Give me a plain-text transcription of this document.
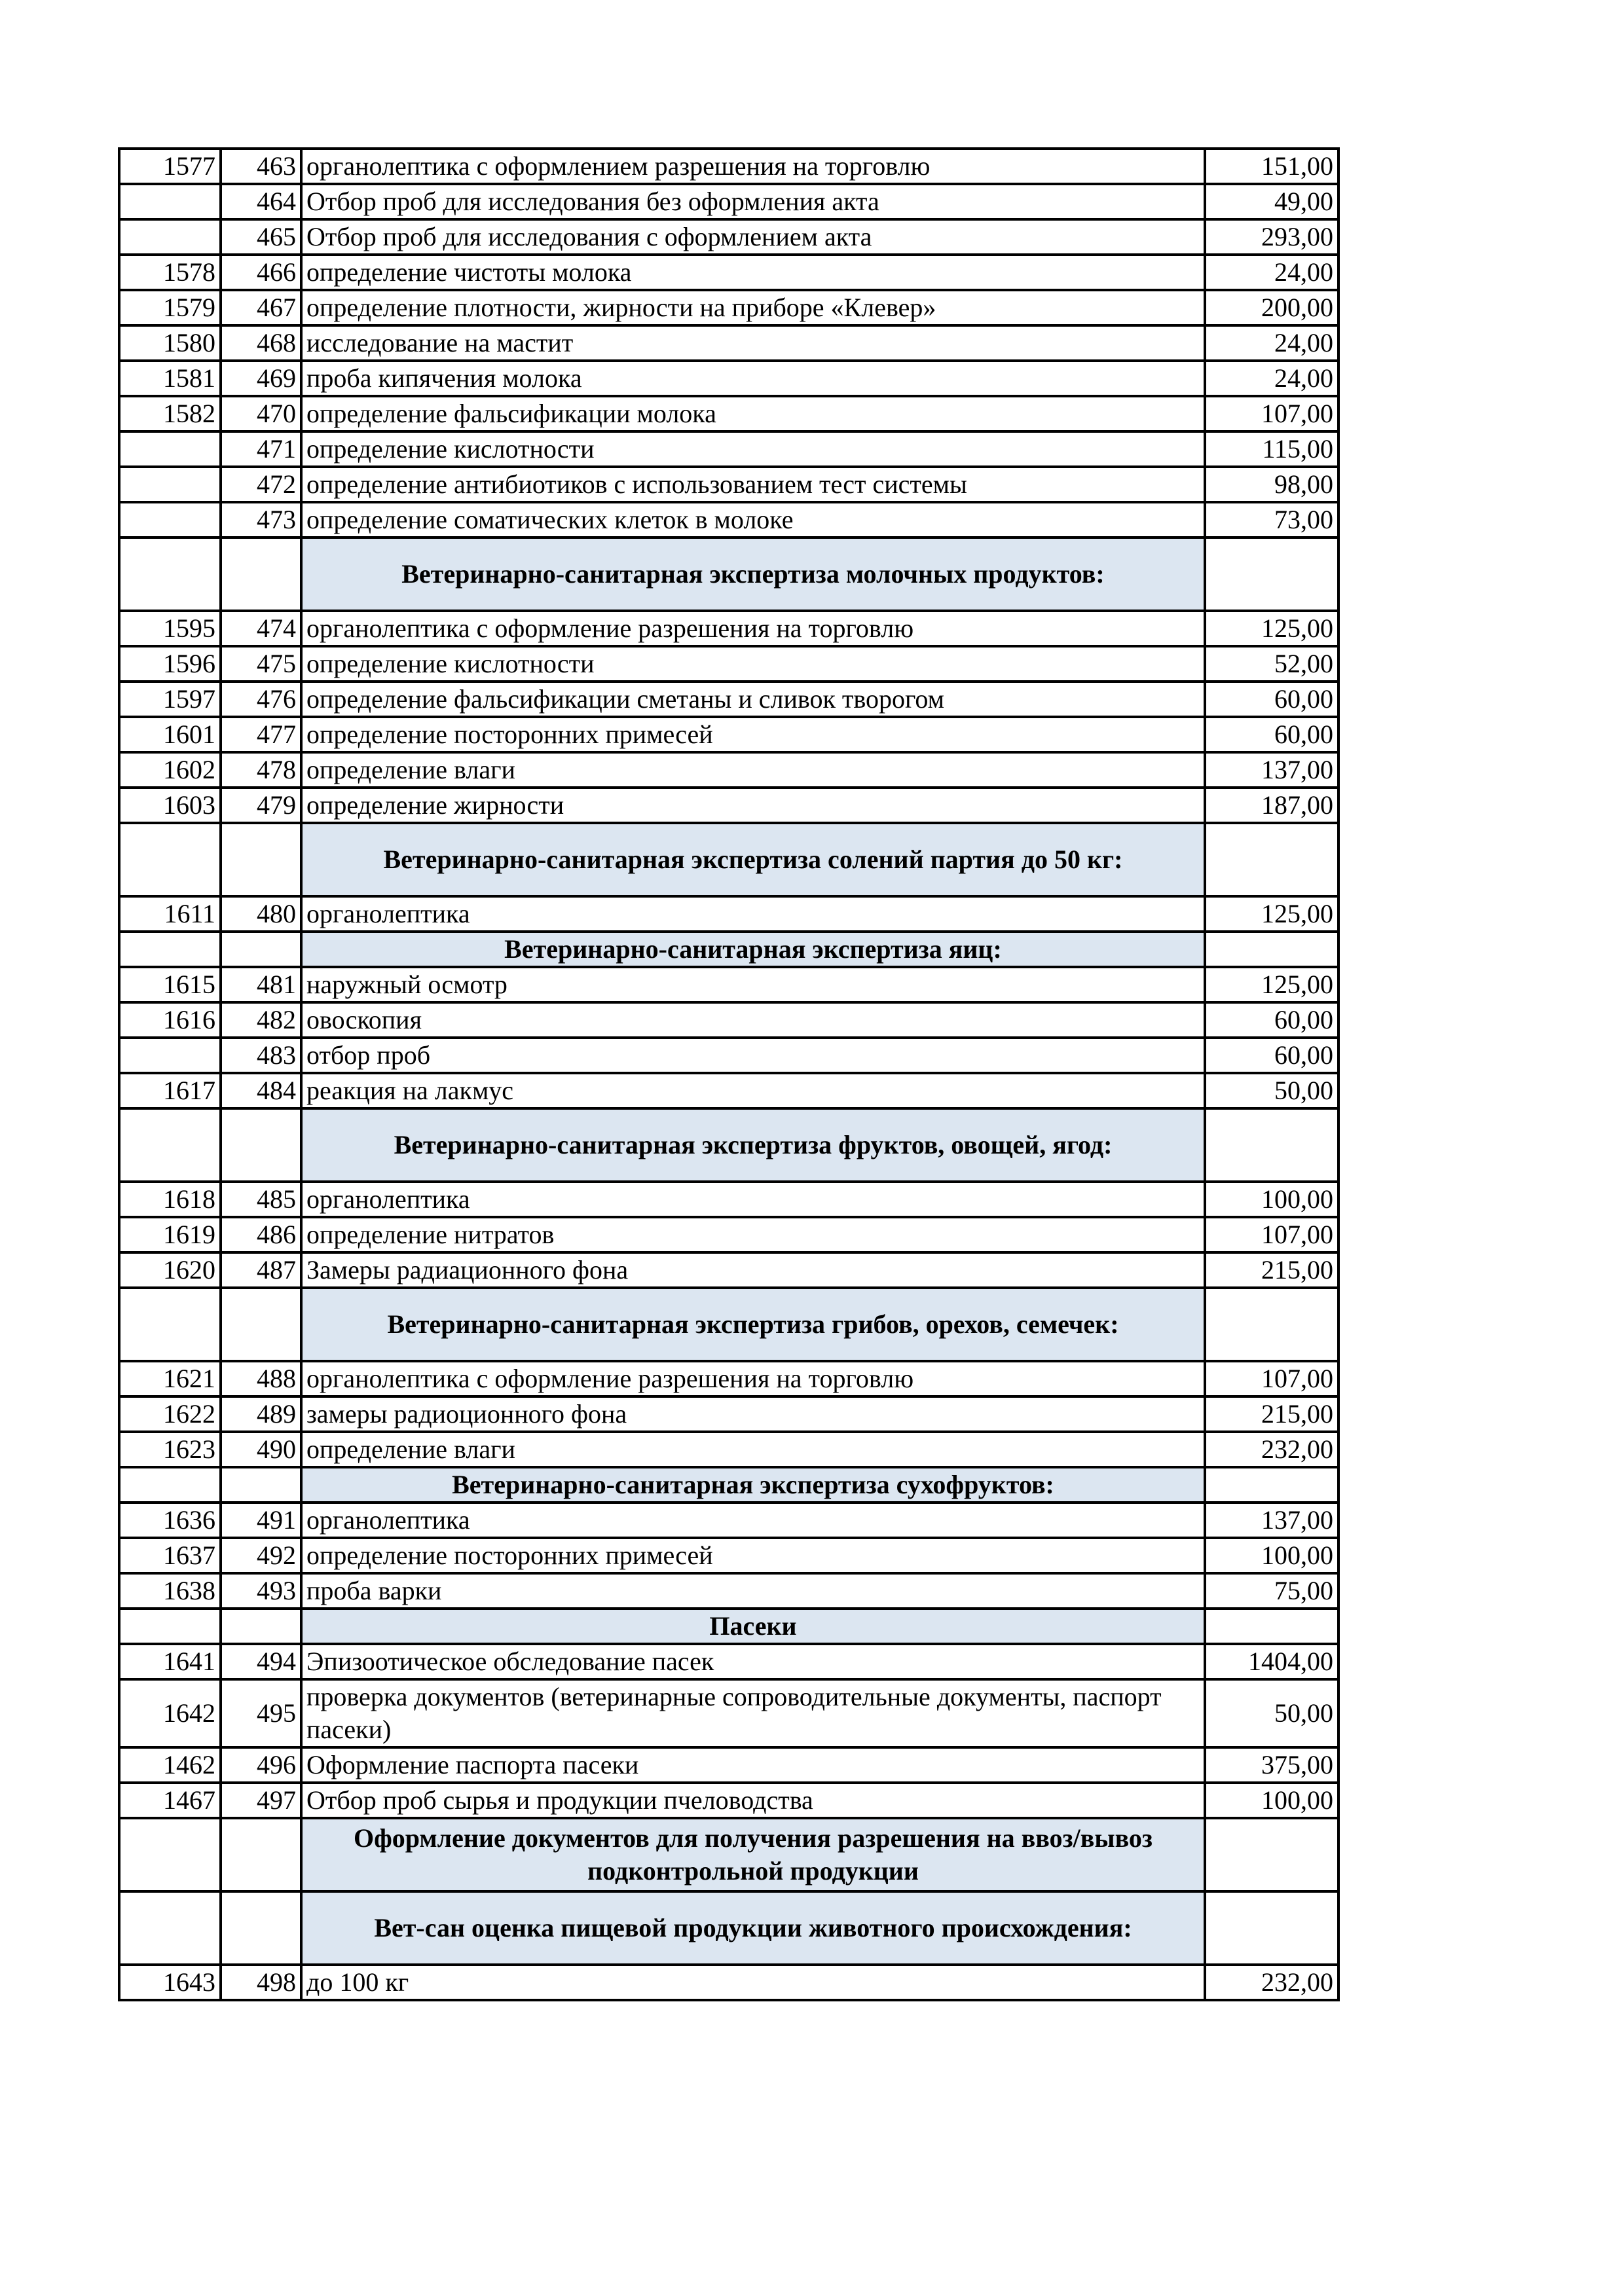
1577	463	органолептика с оформлением разрешения на торговлю	151,00
	464	Отбор проб для исследования без оформления акта	49,00
	465	Отбор проб для исследования с оформлением акта	293,00
1578	466	определение чистоты молока	24,00
1579	467	определение плотности, жирности на приборе «Клевер»	200,00
1580	468	исследование на мастит	24,00
1581	469	проба кипячения молока	24,00
1582	470	определение фальсификации молока	107,00
	471	определение кислотности	115,00
	472	определение антибиотиков с использованием тест системы	98,00
	473	определение соматических клеток в молоке	73,00
		Ветеринарно-санитарная экспертиза молочных продуктов:	
1595	474	органолептика с оформление разрешения на торговлю	125,00
1596	475	определение кислотности	52,00
1597	476	определение фальсификации сметаны и сливок творогом	60,00
1601	477	определение посторонних примесей	60,00
1602	478	определение влаги	137,00
1603	479	определение жирности	187,00
		Ветеринарно-санитарная экспертиза солений партия до 50 кг:	
1611	480	органолептика	125,00
		Ветеринарно-санитарная экспертиза яиц:	
1615	481	наружный осмотр	125,00
1616	482	овоскопия	60,00
	483	отбор проб	60,00
1617	484	реакция на лакмус	50,00
		Ветеринарно-санитарная экспертиза фруктов, овощей, ягод:	
1618	485	органолептика	100,00
1619	486	определение нитратов	107,00
1620	487	Замеры радиационного фона	215,00
		Ветеринарно-санитарная экспертиза грибов, орехов, семечек:	
1621	488	органолептика с оформление разрешения на торговлю	107,00
1622	489	замеры радиоционного фона	215,00
1623	490	определение влаги	232,00
		Ветеринарно-санитарная экспертиза сухофруктов:	
1636	491	органолептика	137,00
1637	492	определение посторонних примесей	100,00
1638	493	проба варки	75,00
		Пасеки	
1641	494	Эпизоотическое обследование пасек	1404,00
1642	495	проверка документов (ветеринарные сопроводительные документы, паспорт пасеки)	50,00
1462	496	Оформление паспорта пасеки	375,00
1467	497	Отбор проб сырья и продукции пчеловодства	100,00
		Оформление документов для получения разрешения на ввоз/вывоз подконтрольной продукции	
		Вет-сан оценка пищевой продукции животного происхождения:	
1643	498	до 100 кг	232,00
